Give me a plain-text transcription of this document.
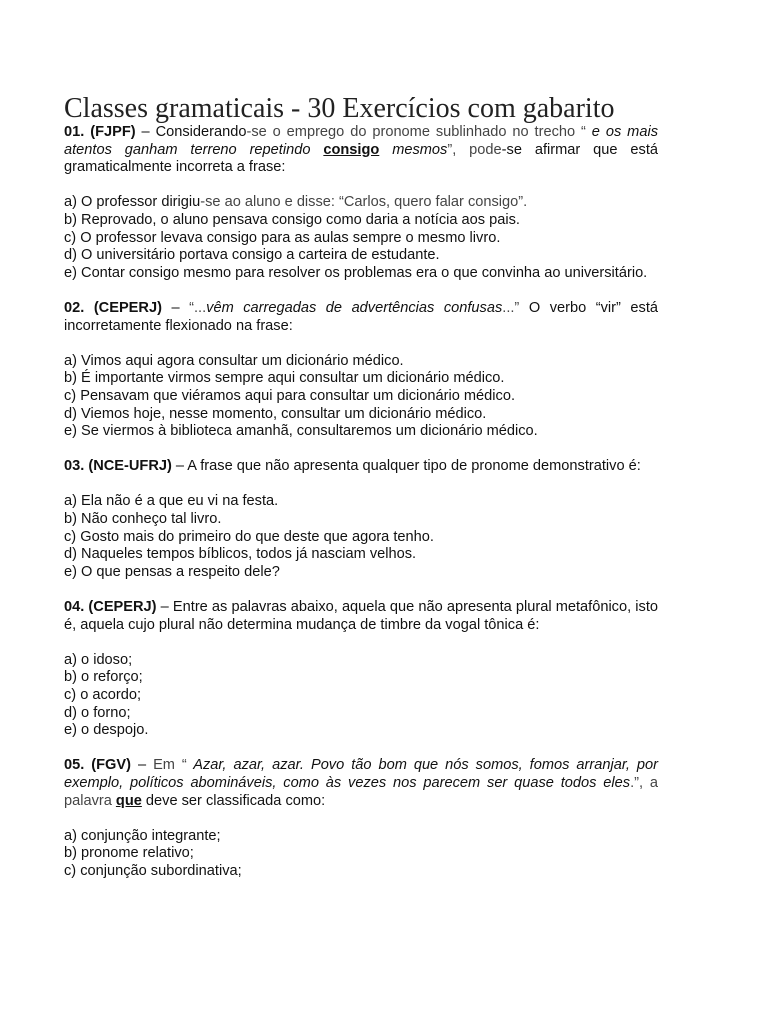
Classes gramaticais - 30 Exercícios com gabarito

01. (FJPF) – Considerando-se o emprego do pronome sublinhado no trecho “ e os mais atentos ganham terreno repetindo consigo mesmos”, pode-se afirmar que está gramaticalmente incorreta a frase:

a) O professor dirigiu-se ao aluno e disse: “Carlos, quero falar consigo”.
b) Reprovado, o aluno pensava consigo como daria a notícia aos pais.
c) O professor levava consigo para as aulas sempre o mesmo livro.
d) O universitário portava consigo a carteira de estudante.
e) Contar consigo mesmo para resolver os problemas era o que convinha ao universitário.

02. (CEPERJ) – “...vêm carregadas de advertências confusas...” O verbo “vir” está incorretamente flexionado na frase:

a) Vimos aqui agora consultar um dicionário médico.
b) É importante virmos sempre aqui consultar um dicionário médico.
c) Pensavam que viéramos aqui para consultar um dicionário médico.
d) Viemos hoje, nesse momento, consultar um dicionário médico.
e) Se viermos à biblioteca amanhã, consultaremos um dicionário médico.

03. (NCE-UFRJ) – A frase que não apresenta qualquer tipo de pronome demonstrativo é:

a) Ela não é a que eu vi na festa.
b) Não conheço tal livro.
c) Gosto mais do primeiro do que deste que agora tenho.
d) Naqueles tempos bíblicos, todos já nasciam velhos.
e) O que pensas a respeito dele?

04. (CEPERJ) – Entre as palavras abaixo, aquela que não apresenta plural metafônico, isto é, aquela cujo plural não determina mudança de timbre da vogal tônica é:

a) o idoso;
b) o reforço;
c) o acordo;
d) o forno;
e) o despojo.

05. (FGV) – Em “ Azar, azar, azar. Povo tão bom que nós somos, fomos arranjar, por exemplo, políticos abomináveis, como às vezes nos parecem ser quase todos eles.”, a palavra que deve ser classificada como:

a) conjunção integrante;
b) pronome relativo;
c) conjunção subordinativa;
